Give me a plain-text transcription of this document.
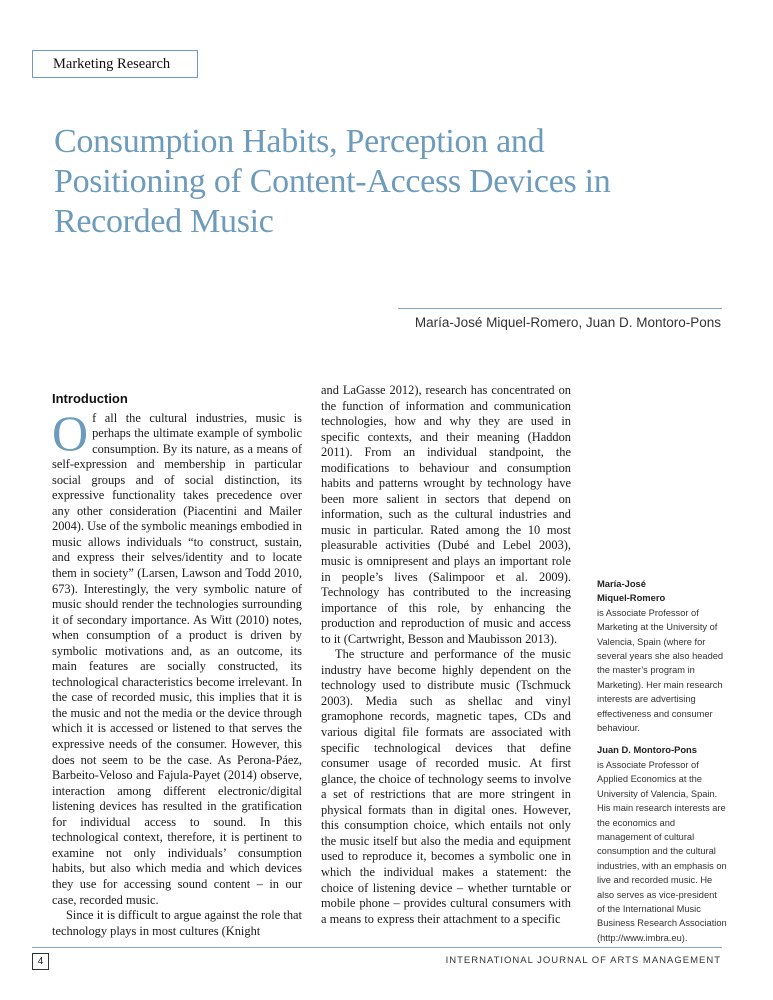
Marketing Research
Consumption Habits, Perception and Positioning of Content-Access Devices in Recorded Music
María-José Miquel-Romero, Juan D. Montoro-Pons
Introduction

Of all the cultural industries, music is perhaps the ultimate example of symbolic consumption. By its nature, as a means of self-expression and membership in particular social groups and of social distinction, its expressive functionality takes precedence over any other consideration (Piacentini and Mailer 2004). Use of the symbolic meanings embodied in music allows individuals “to construct, sustain, and express their selves/identity and to locate them in society” (Larsen, Lawson and Todd 2010, 673). Interestingly, the very symbolic nature of music should render the technologies surrounding it of secondary importance. As Witt (2010) notes, when consumption of a product is driven by symbolic motivations and, as an outcome, its main features are socially constructed, its technological characteristics become irrelevant. In the case of recorded music, this implies that it is the music and not the media or the device through which it is accessed or listened to that serves the expressive needs of the consumer. However, this does not seem to be the case. As Perona-Páez, Barbeito-Veloso and Fajula-Payet (2014) observe, interaction among different electronic/digital listening devices has resulted in the gratification for individual access to sound. In this technological context, therefore, it is pertinent to examine not only individuals’ consumption habits, but also which media and which devices they use for accessing sound content – in our case, recorded music.

Since it is difficult to argue against the role that technology plays in most cultures (Knight

and LaGasse 2012), research has concentrated on the function of information and communication technologies, how and why they are used in specific contexts, and their meaning (Haddon 2011). From an individual standpoint, the modifications to behaviour and consumption habits and patterns wrought by technology have been more salient in sectors that depend on information, such as the cultural industries and music in particular. Rated among the 10 most pleasurable activities (Dubé and Lebel 2003), music is omnipresent and plays an important role in people’s lives (Salimpoor et al. 2009). Technology has contributed to the increasing importance of this role, by enhancing the production and reproduction of music and access to it (Cartwright, Besson and Maubisson 2013).

The structure and performance of the music industry have become highly dependent on the technology used to distribute music (Tschmuck 2003). Media such as shellac and vinyl gramophone records, magnetic tapes, CDs and various digital file formats are associated with specific technological devices that define consumer usage of recorded music. At first glance, the choice of technology seems to involve a set of restrictions that are more stringent in physical formats than in digital ones. However, this consumption choice, which entails not only the music itself but also the media and equipment used to reproduce it, becomes a symbolic one in which the individual makes a statement: the choice of listening device – whether turntable or mobile phone – provides cultural consumers with a means to express their attachment to a specific

María-José
Miquel-Romero
is Associate Professor of Marketing at the University of Valencia, Spain (where for several years she also headed the master’s program in Marketing). Her main research interests are advertising effectiveness and consumer behaviour.
Juan D. Montoro-Pons
is Associate Professor of Applied Economics at the University of Valencia, Spain. His main research interests are the economics and management of cultural consumption and the cultural industries, with an emphasis on live and recorded music. He also serves as vice-president of the International Music Business Research Association (http://www.imbra.eu).
4	INTERNATIONAL JOURNAL OF ARTS MANAGEMENT
